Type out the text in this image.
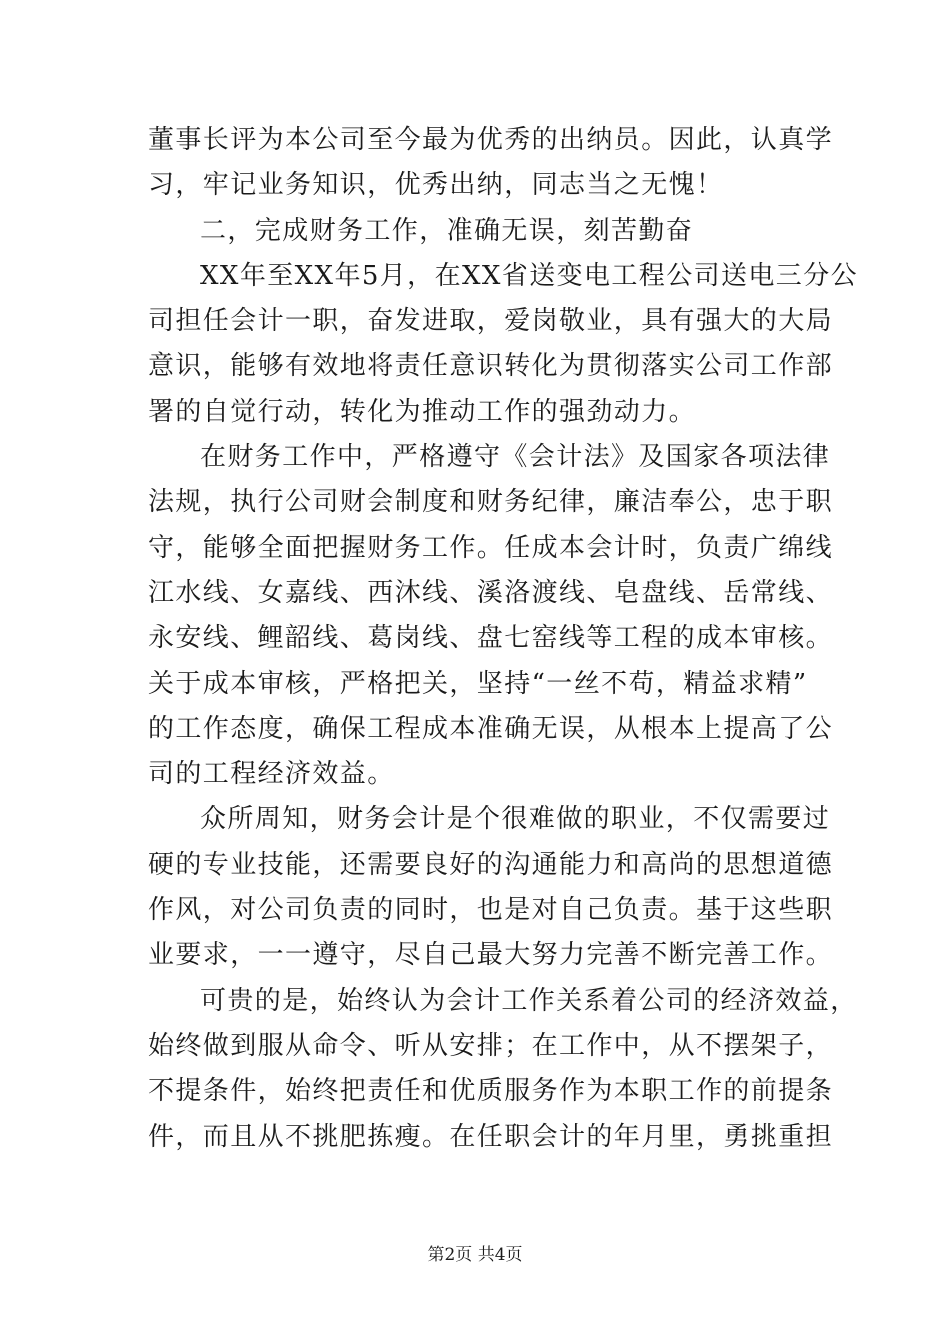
董事长评为本公司至今最为优秀的出纳员。因此，认真学
习，牢记业务知识，优秀出纳，同志当之无愧！
二，完成财务工作，准确无误，刻苦勤奋
XX年至XX年5月，在XX省送变电工程公司送电三分公
司担任会计一职，奋发进取，爱岗敬业，具有强大的大局
意识，能够有效地将责任意识转化为贯彻落实公司工作部
署的自觉行动，转化为推动工作的强劲动力。
在财务工作中，严格遵守《会计法》及国家各项法律
法规，执行公司财会制度和财务纪律，廉洁奉公，忠于职
守，能够全面把握财务工作。任成本会计时，负责广绵线
江水线、女嘉线、西沐线、溪洛渡线、皂盘线、岳常线、
永安线、鲤韶线、葛岗线、盘七窑线等工程的成本审核。
关于成本审核，严格把关，坚持“一丝不苟，精益求精”
的工作态度，确保工程成本准确无误，从根本上提高了公
司的工程经济效益。
众所周知，财务会计是个很难做的职业，不仅需要过
硬的专业技能，还需要良好的沟通能力和高尚的思想道德
作风，对公司负责的同时，也是对自己负责。基于这些职
业要求，一一遵守，尽自己最大努力完善不断完善工作。
可贵的是，始终认为会计工作关系着公司的经济效益，
始终做到服从命令、听从安排；在工作中，从不摆架子，
不提条件，始终把责任和优质服务作为本职工作的前提条
件，而且从不挑肥拣瘦。在任职会计的年月里，勇挑重担
第2页 共4页
